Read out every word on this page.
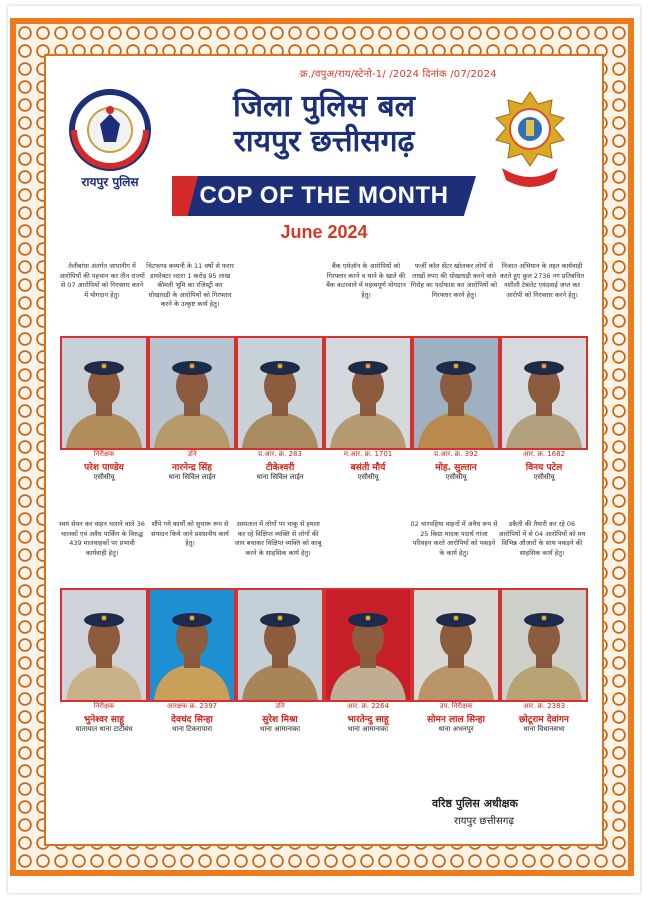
क्र./वपुअ/राय/स्टेनो-1/ /2024 दिनांक /07/2024
रायपुर पुलिस
जिला पुलिस बल
रायपुर छत्तीसगढ़
COP OF THE MONTH
June 2024
तेलीबांधा अंतर्गत जापानीग में आरोपियों की पहचान कर तीन राज्यों से 07 आरोपियों को गिरफ्तार करने में योगदान हेतु।
निरीक्षक
परेश पाण्डेय
एसीसीयू
चिटफण्ड कम्पनी के 11 वर्षो से फरार डायरेक्टर व्दारा 1 करोड़ 95 लाख कीमती भूमि का रजिस्ट्री कर धोखाधड़ी के आरोपियों को गिरफ्तार करने के उत्कृष्ट कार्य हेतु।
उनि
नारनेन्द्र सिंह
थाना सिविल लाईन
प्र.आर. क्र. 283
टीकेश्वरी
थाना सिविल लाईन
बैंक एमेज़ॉन के आरोपियों को गिरफ्तार करने व थाने के खाते की बैंक कटरवाने में महत्वपूर्ण योगदान हेतु।
म.आर. क्र. 1701
बसंती मौर्य
एसीसीयू
फर्जी कॉल सेंटर खोलकर लोगों से लाखों रुपए की धोखाधड़ी करने वाले गिरोह का पर्दाफाश कर आरोपियों को गिरफ्तार करने हेतु।
प्र.आर. क्र. 392
मोह. सुल्तान
एसीसीयू
निजात अभियान के तहत कार्यवाही करते हुए कुल 2736 नग प्रतिबंधित नशीली टेबलेट एवंदवाई जप्त कर आरोपी को गिरफ्तार करने हेतु।
आर. क्र. 1682
विनय पटेल
एसीसीयू
स्वयं सेवन कर वाहन चलाने वाले 36 चालकों एवं अवैध पार्किंग के विरुद्ध 439 मालवाहकों पर प्रभावी कार्यवाही हेतु।
निरीक्षक
भुनेश्वर साहू
यातायात थाना टाटीबंध
सौंपे गये कार्यों को सुचारू रूप से संपादन किये जाने प्रशंसनीय कार्य हेतु।
आरक्षक क्र. 2397
देवचंद सिन्हा
थाना टिकरापारा
अस्पताल में लोगों पर चाकू से हमला कर रहे विक्षिप्त व्यक्ति से लोगों की जान बचाकर विक्षिप्त व्यक्ति को काबू करने के साहसिक कार्य हेतु।
उनि
सुरेश मिश्रा
थाना आमानाका
आर. क्र. 2264
भारतेन्दु साहू
थाना आमानाका
02 चारपहिया वाहनों में अवैध रूप से 25 किग्रा मादक पदार्थ गांजा परिवहन करते आरोपियों को पकड़ने के कार्य हेतु।
उप. निरीक्षक
सोमन लाल सिन्हा
थाना अभनपुर
डकैती की तैयारी कर रहे 06 आरोपियों में से 04 आरोपियों को मय विभिन्न औजारों के साथ पकड़ने की साहसिक कार्य हेतु।
आर. क्र. 2383
छोटूराम देवांगन
थाना विधानसभा
वरिष्ठ पुलिस अधीक्षक
रायपुर छत्तीसगढ़
